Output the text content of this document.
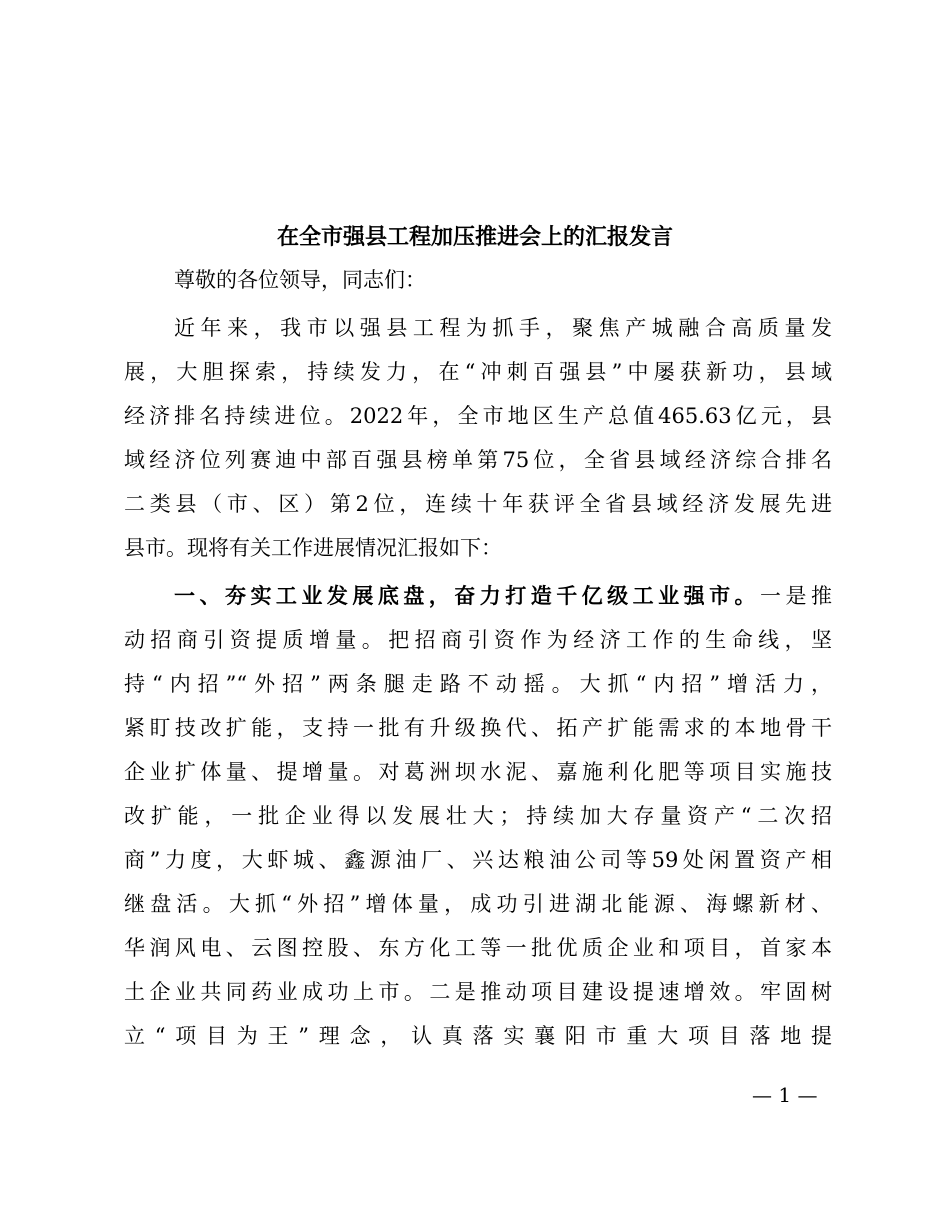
在全市强县工程加压推进会上的汇报发言
尊敬的各位领导，同志们：
近年来，我市以强县工程为抓手，聚焦产城融合高质量发
展，大胆探索，持续发力，在“冲刺百强县”中屡获新功，县域
经济排名持续进位。2022年，全市地区生产总值465.63亿元，县
域经济位列赛迪中部百强县榜单第75位，全省县域经济综合排名
二类县（市、区）第2位，连续十年获评全省县域经济发展先进
县市。现将有关工作进展情况汇报如下：
一、夯实工业发展底盘，奋力打造千亿级工业强市。一是推
动招商引资提质增量。把招商引资作为经济工作的生命线，坚
持“内招”“外招”两条腿走路不动摇。大抓“内招”增活力，
紧盯技改扩能，支持一批有升级换代、拓产扩能需求的本地骨干
企业扩体量、提增量。对葛洲坝水泥、嘉施利化肥等项目实施技
改扩能，一批企业得以发展壮大；持续加大存量资产“二次招
商”力度，大虾城、鑫源油厂、兴达粮油公司等59处闲置资产相
继盘活。大抓“外招”增体量，成功引进湖北能源、海螺新材、
华润风电、云图控股、东方化工等一批优质企业和项目，首家本
土企业共同药业成功上市。二是推动项目建设提速增效。牢固树
立“项目为王”理念，认真落实襄阳市重大项目落地提
— 1 —
